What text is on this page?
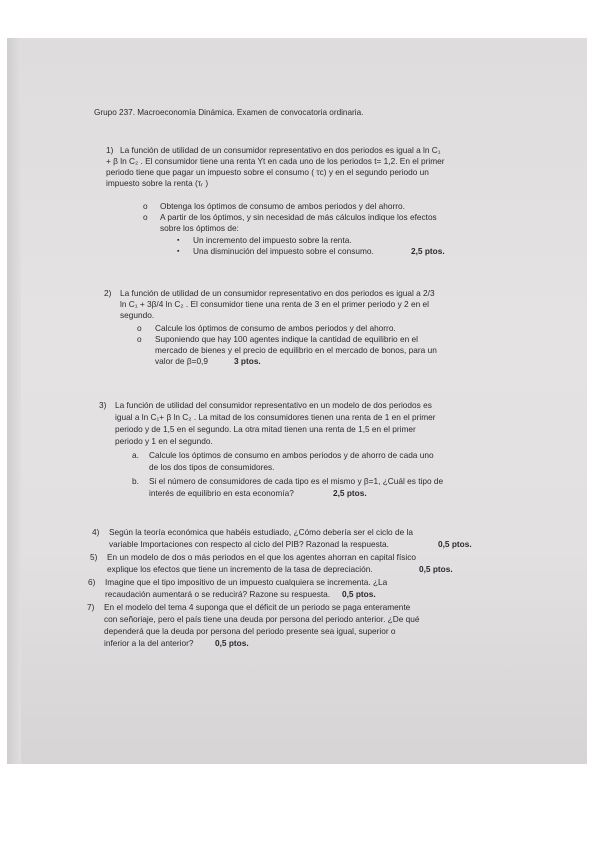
Grupo 237. Macroeconomía Dinámica. Examen de convocatoria ordinaria.
1) La función de utilidad de un consumidor representativo en dos periodos es igual a ln C₁
+ β ln C₂ . El consumidor tiene una renta Yt en cada uno de los periodos t= 1,2. En el primer
periodo tiene que pagar un impuesto sobre el consumo ( τᴄ) y en el segundo periodo un
impuesto sobre la renta (τᵣ )
o Obtenga los óptimos de consumo de ambos periodos y del ahorro.
o A partir de los óptimos, y sin necesidad de más cálculos indique los efectos
sobre los óptimos de:
▪ Un incremento del impuesto sobre la renta.
▪ Una disminución del impuesto sobre el consumo.	2,5 ptos.
2) La función de utilidad de un consumidor representativo en dos periodos es igual a 2/3
ln C₁ + 3β/4 ln C₂ . El consumidor tiene una renta de 3 en el primer periodo y 2 en el
segundo.
o Calcule los óptimos de consumo de ambos periodos y del ahorro.
o Suponiendo que hay 100 agentes indique la cantidad de equilibrio en el
mercado de bienes y el precio de equilibrio en el mercado de bonos, para un
valor de β=0,9	3 ptos.
3) La función de utilidad del consumidor representativo en un modelo de dos periodos es
igual a ln C₁+ β ln C₂ . La mitad de los consumidores tienen una renta de 1 en el primer
periodo y de 1,5 en el segundo. La otra mitad tienen una renta de 1,5 en el primer
periodo y 1 en el segundo.
a. Calcule los óptimos de consumo en ambos periodos y de ahorro de cada uno
de los dos tipos de consumidores.
b. Si el número de consumidores de cada tipo es el mismo y β=1, ¿Cuál es tipo de
interés de equilibrio en esta economía?	2,5 ptos.
4) Según la teoría económica que habéis estudiado, ¿Cómo debería ser el ciclo de la
variable Importaciones con respecto al ciclo del PIB? Razonad la respuesta.	0,5 ptos.
5) En un modelo de dos o más periodos en el que los agentes ahorran en capital físico
explique los efectos que tiene un incremento de la tasa de depreciación.	0,5 ptos.
6) Imagine que el tipo impositivo de un impuesto cualquiera se incrementa. ¿La
recaudación aumentará o se reducirá? Razone su respuesta. 0,5 ptos.
7) En el modelo del tema 4 suponga que el déficit de un periodo se paga enteramente
con señoriaje, pero el país tiene una deuda por persona del periodo anterior. ¿De qué
dependerá que la deuda por persona del periodo presente sea igual, superior o
inferior a la del anterior?	0,5 ptos.
